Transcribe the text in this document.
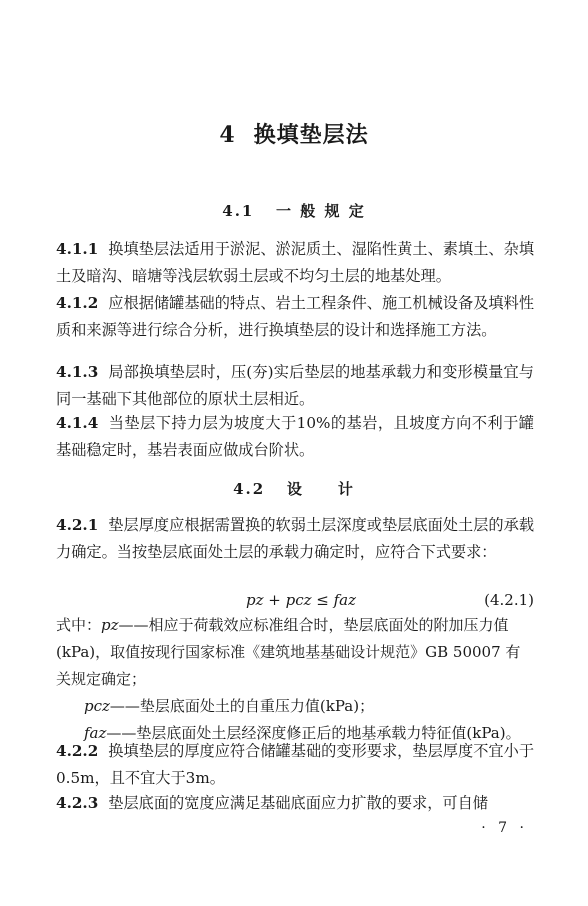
4 换填垫层法
4.1 一 般 规 定
4.1.1 换填垫层法适用于淤泥、淤泥质土、湿陷性黄土、素填土、杂填土及暗沟、暗塘等浅层软弱土层或不均匀土层的地基处理。
4.1.2 应根据储罐基础的特点、岩土工程条件、施工机械设备及填料性质和来源等进行综合分析，进行换填垫层的设计和选择施工方法。
4.1.3 局部换填垫层时，压(夯)实后垫层的地基承载力和变形模量宜与同一基础下其他部位的原状土层相近。
4.1.4 当垫层下持力层为坡度大于10%的基岩，且坡度方向不利于罐基础稳定时，基岩表面应做成台阶状。
4.2 设　　计
4.2.1 垫层厚度应根据需置换的软弱土层深度或垫层底面处土层的承载力确定。当按垫层底面处土层的承载力确定时，应符合下式要求：
pz + pcz ≤ faz	(4.2.1)
式中：pz——相应于荷载效应标准组合时，垫层底面处的附加压力值(kPa)，取值按现行国家标准《建筑地基基础设计规范》GB 50007 有关规定确定；
pcz——垫层底面处土的自重压力值(kPa)；
faz——垫层底面处土层经深度修正后的地基承载力特征值(kPa)。
4.2.2 换填垫层的厚度应符合储罐基础的变形要求，垫层厚度不宜小于0.5m，且不宜大于3m。
4.2.3 垫层底面的宽度应满足基础底面应力扩散的要求，可自储
· 7 ·
